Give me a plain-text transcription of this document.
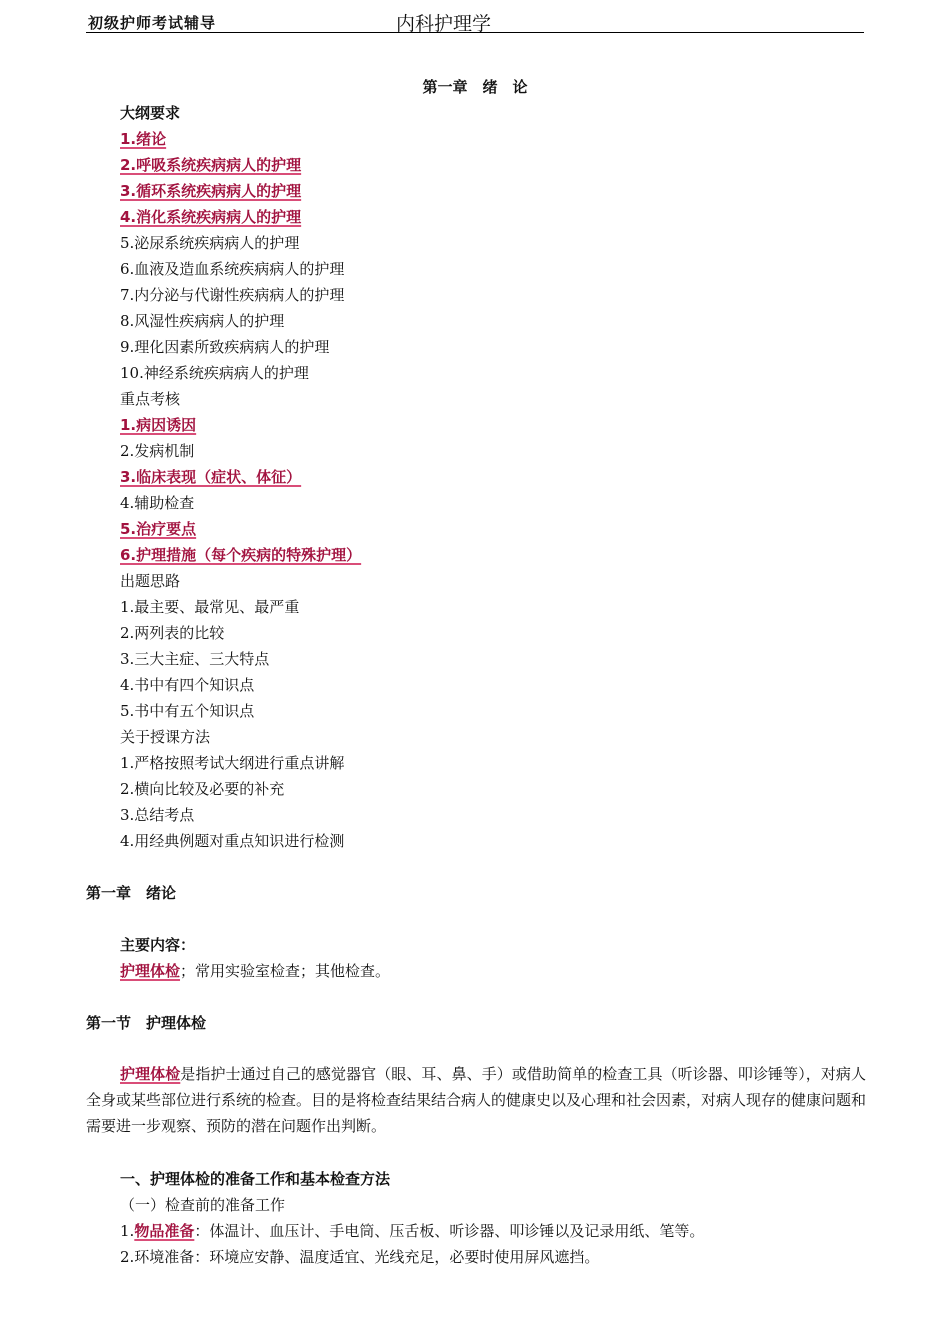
初级护师考试辅导	内科护理学
第一章　绪　论
大纲要求
1.绪论
2.呼吸系统疾病病人的护理
3.循环系统疾病病人的护理
4.消化系统疾病病人的护理
5.泌尿系统疾病病人的护理
6.血液及造血系统疾病病人的护理
7.内分泌与代谢性疾病病人的护理
8.风湿性疾病病人的护理
9.理化因素所致疾病病人的护理
10.神经系统疾病病人的护理
重点考核
1.病因诱因
2.发病机制
3.临床表现（症状、体征）
4.辅助检查
5.治疗要点
6.护理措施（每个疾病的特殊护理）
出题思路
1.最主要、最常见、最严重
2.两列表的比较
3.三大主症、三大特点
4.书中有四个知识点
5.书中有五个知识点
关于授课方法
1.严格按照考试大纲进行重点讲解
2.横向比较及必要的补充
3.总结考点
4.用经典例题对重点知识进行检测
第一章　绪论
主要内容：
护理体检；常用实验室检查；其他检查。
第一节　护理体检
护理体检是指护士通过自己的感觉器官（眼、耳、鼻、手）或借助简单的检查工具（听诊器、叩诊锤等），对病人全身或某些部位进行系统的检查。目的是将检查结果结合病人的健康史以及心理和社会因素，对病人现存的健康问题和需要进一步观察、预防的潜在问题作出判断。
一、护理体检的准备工作和基本检查方法
（一）检查前的准备工作
1.物品准备：体温计、血压计、手电筒、压舌板、听诊器、叩诊锤以及记录用纸、笔等。
2.环境准备：环境应安静、温度适宜、光线充足，必要时使用屏风遮挡。
